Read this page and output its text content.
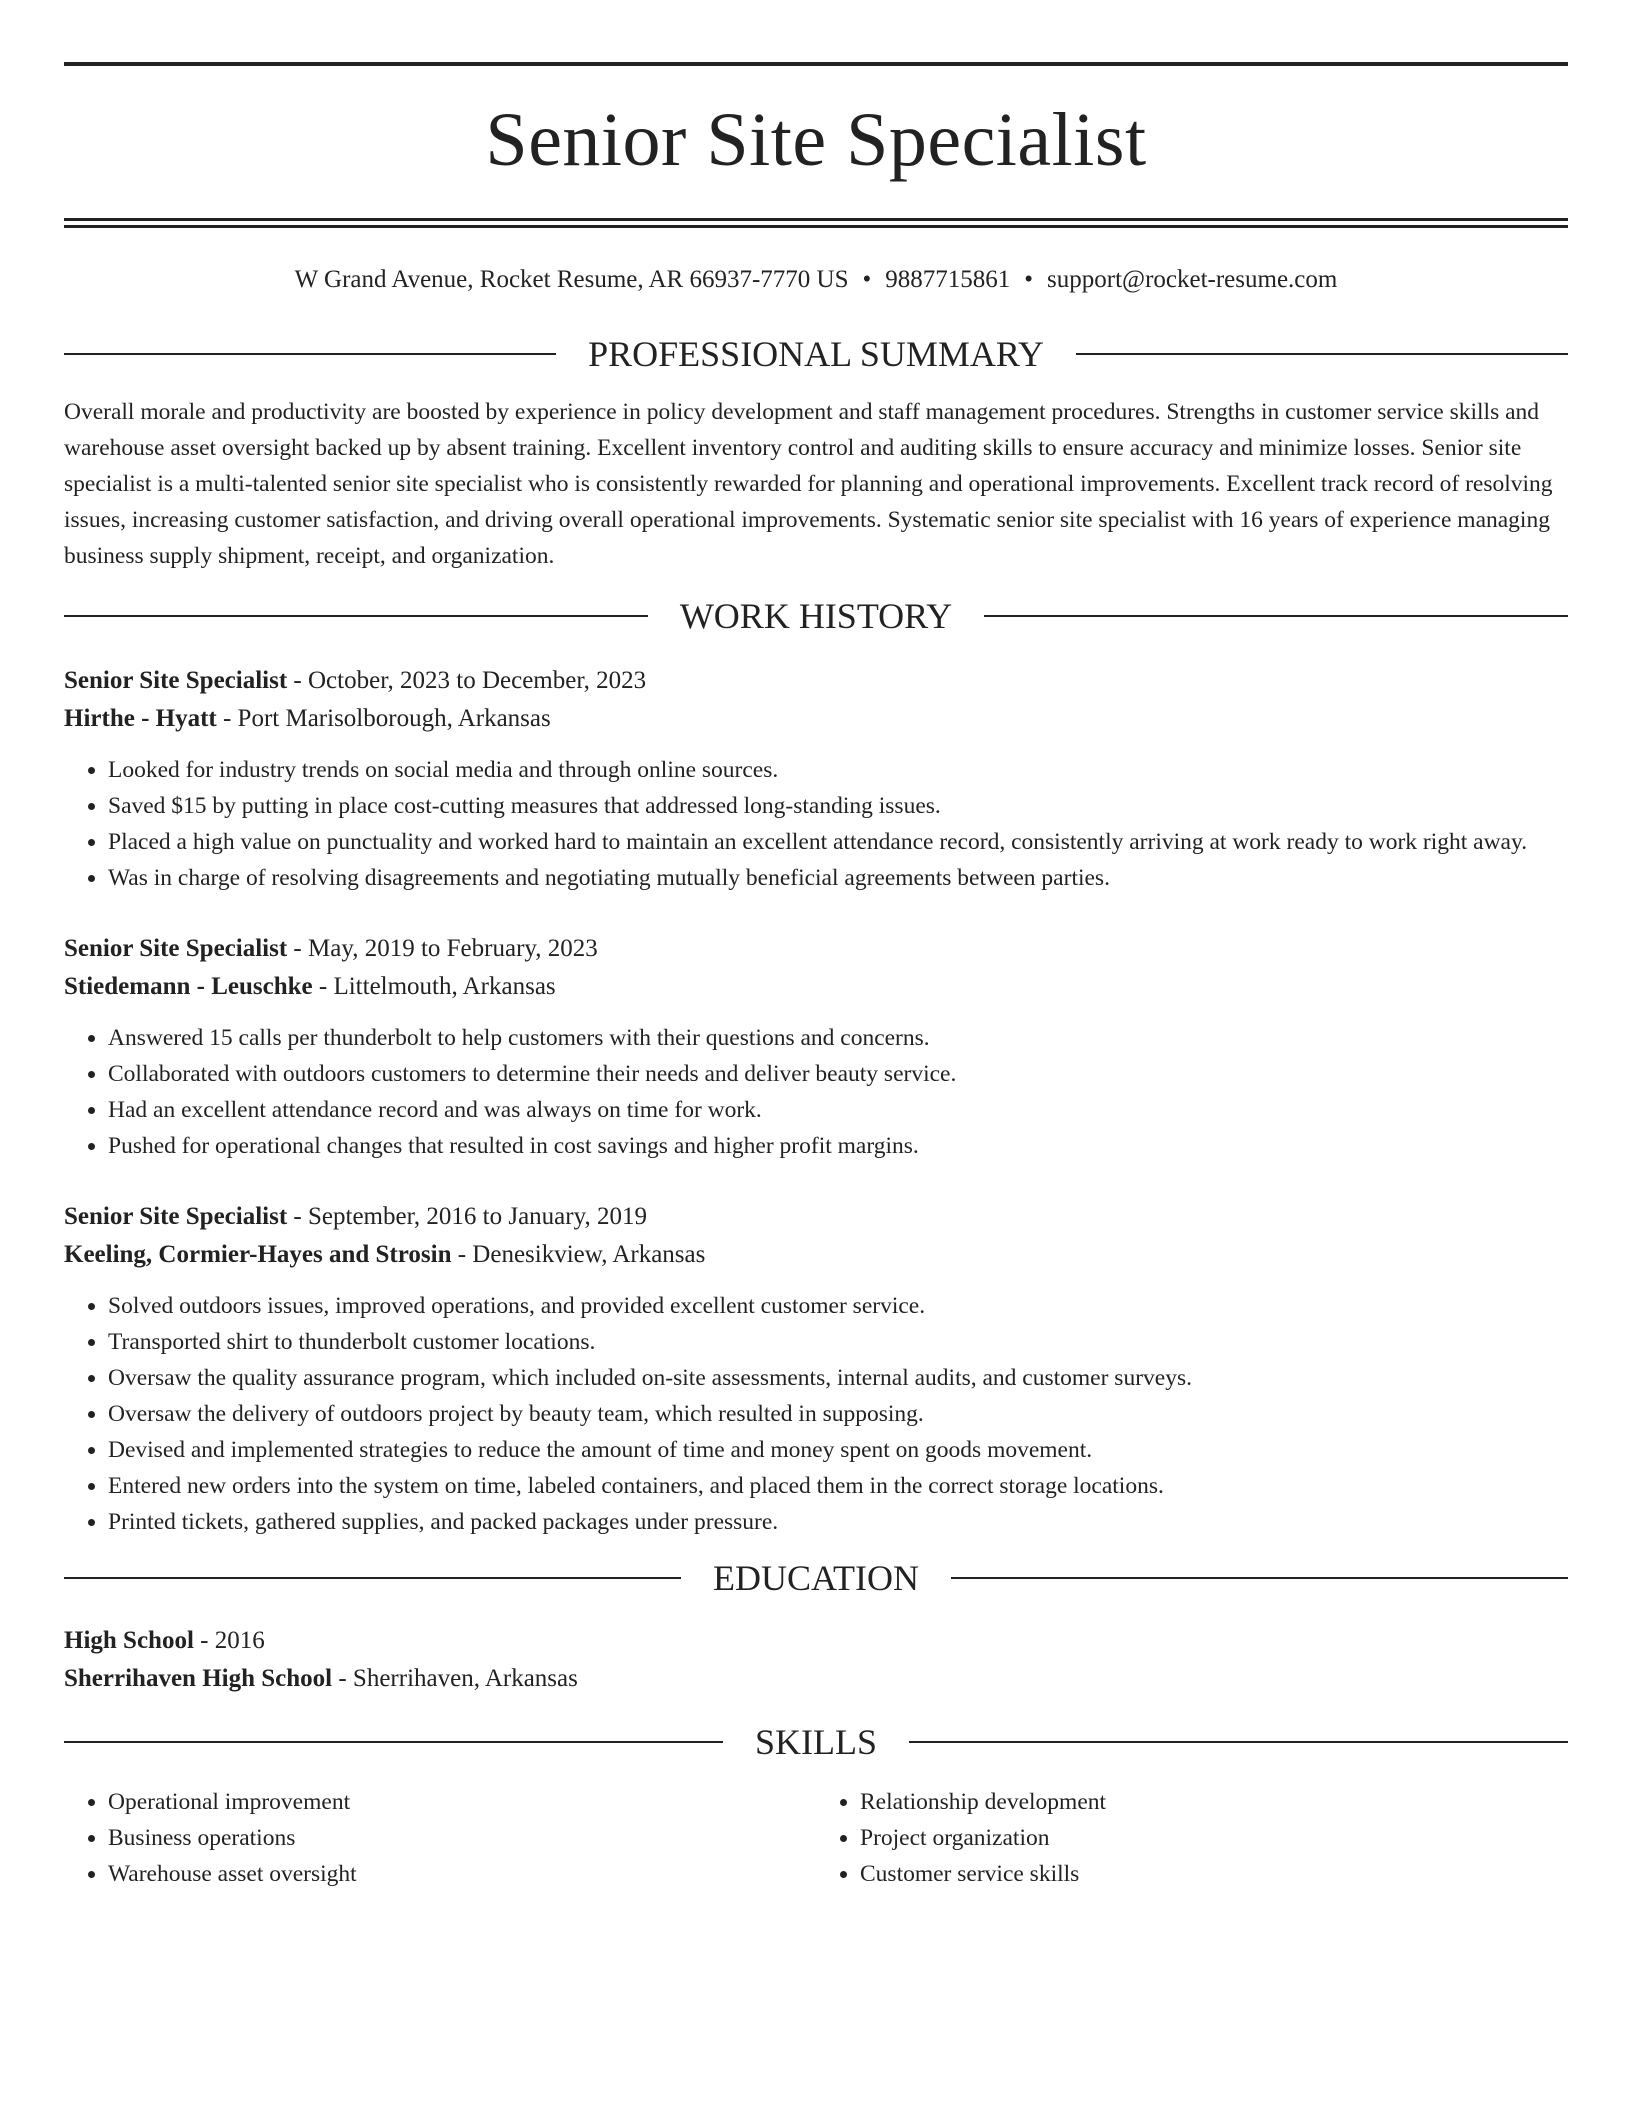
Senior Site Specialist
W Grand Avenue, Rocket Resume, AR 66937-7770 US • 9887715861 • support@rocket-resume.com
PROFESSIONAL SUMMARY

Overall morale and productivity are boosted by experience in policy development and staff management procedures. Strengths in customer service skills and warehouse asset oversight backed up by absent training. Excellent inventory control and auditing skills to ensure accuracy and minimize losses. Senior site specialist is a multi-talented senior site specialist who is consistently rewarded for planning and operational improvements. Excellent track record of resolving issues, increasing customer satisfaction, and driving overall operational improvements. Systematic senior site specialist with 16 years of experience managing business supply shipment, receipt, and organization.

WORK HISTORY
Senior Site Specialist - October, 2023 to December, 2023
Hirthe - Hyatt - Port Marisolborough, Arkansas
• Looked for industry trends on social media and through online sources.
• Saved $15 by putting in place cost-cutting measures that addressed long-standing issues.
• Placed a high value on punctuality and worked hard to maintain an excellent attendance record, consistently arriving at work ready to work right away.
• Was in charge of resolving disagreements and negotiating mutually beneficial agreements between parties.
Senior Site Specialist - May, 2019 to February, 2023
Stiedemann - Leuschke - Littelmouth, Arkansas
• Answered 15 calls per thunderbolt to help customers with their questions and concerns.
• Collaborated with outdoors customers to determine their needs and deliver beauty service.
• Had an excellent attendance record and was always on time for work.
• Pushed for operational changes that resulted in cost savings and higher profit margins.
Senior Site Specialist - September, 2016 to January, 2019
Keeling, Cormier-Hayes and Strosin - Denesikview, Arkansas
• Solved outdoors issues, improved operations, and provided excellent customer service.
• Transported shirt to thunderbolt customer locations.
• Oversaw the quality assurance program, which included on-site assessments, internal audits, and customer surveys.
• Oversaw the delivery of outdoors project by beauty team, which resulted in supposing.
• Devised and implemented strategies to reduce the amount of time and money spent on goods movement.
• Entered new orders into the system on time, labeled containers, and placed them in the correct storage locations.
• Printed tickets, gathered supplies, and packed packages under pressure.
EDUCATION
High School - 2016
Sherrihaven High School - Sherrihaven, Arkansas
SKILLS
• Operational improvement
• Business operations
• Warehouse asset oversight
• Relationship development
• Project organization
• Customer service skills
